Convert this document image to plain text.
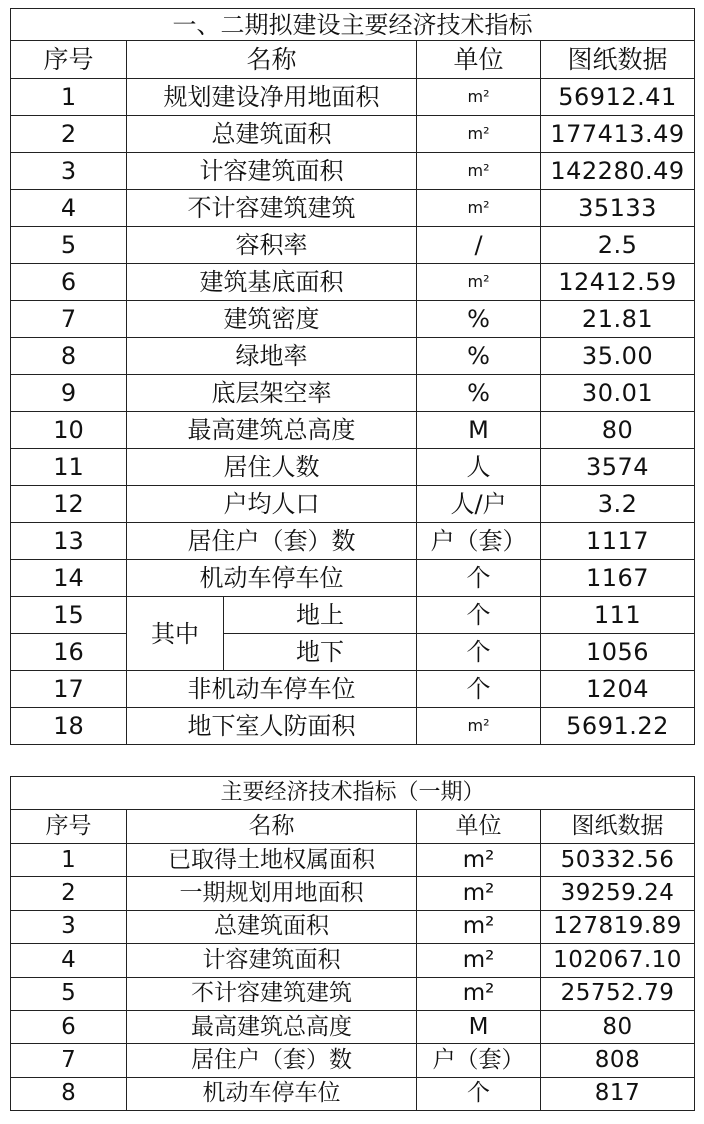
一、二期拟建设主要经济技术指标				
序号	名称		单位	图纸数据
1	规划建设净用地面积		m²	56912.41
2	总建筑面积		m²	177413.49
3	计容建筑面积		m²	142280.49
4	不计容建筑建筑		m²	35133
5	容积率		/	2.5
6	建筑基底面积		m²	12412.59
7	建筑密度		%	21.81
8	绿地率		%	35.00
9	底层架空率		%	30.01
10	最高建筑总高度		M	80
11	居住人数		人	3574
12	户均人口		人/户	3.2
13	居住户（套）数		户（套）	1117
14	机动车停车位		个	1167
15	其中	地上	个	111
16		地下	个	1056
17	非机动车停车位		个	1204
18	地下室人防面积		m²	5691.22
主要经济技术指标（一期）			
序号	名称	单位	图纸数据
1	已取得土地权属面积	m²	50332.56
2	一期规划用地面积	m²	39259.24
3	总建筑面积	m²	127819.89
4	计容建筑面积	m²	102067.10
5	不计容建筑建筑	m²	25752.79
6	最高建筑总高度	M	80
7	居住户（套）数	户（套）	808
8	机动车停车位	个	817
